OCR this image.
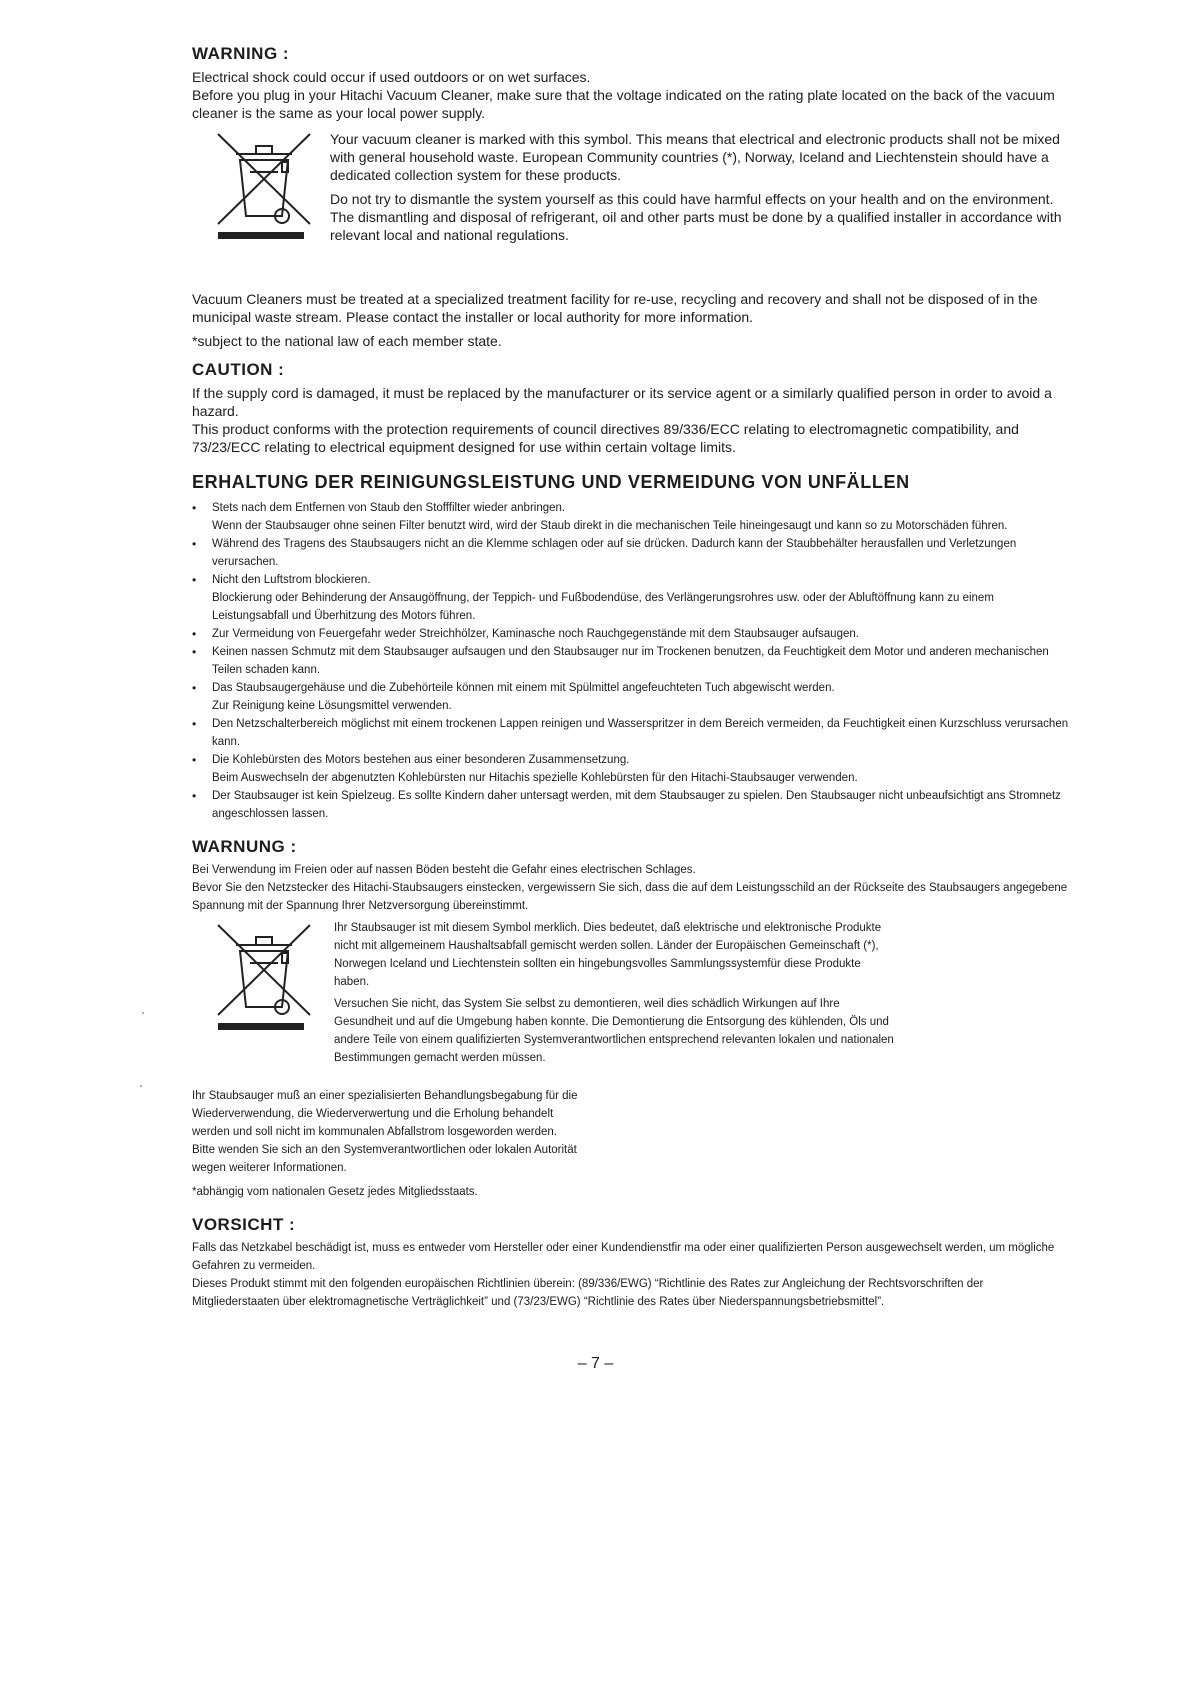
WARNING :

Electrical shock could occur if used outdoors or on wet surfaces.

Before you plug in your Hitachi Vacuum Cleaner, make sure that the voltage indicated on the rating plate located on the back of the vacuum cleaner is the same as your local power supply.

Your vacuum cleaner is marked with this symbol. This means that electrical and electronic products shall not be mixed with general household waste. European Community countries (*), Norway, Iceland and Liechtenstein should have a dedicated collection system for these products.

Do not try to dismantle the system yourself as this could have harmful effects on your health and on the environment. The dismantling and disposal of refrigerant, oil and other parts must be done by a qualified installer in accordance with relevant local and national regulations.

Vacuum Cleaners must be treated at a specialized treatment facility for re-use, recycling and recovery and shall not be disposed of in the municipal waste stream. Please contact the installer or local authority for more information.

*subject to the national law of each member state.

CAUTION :

If the supply cord is damaged, it must be replaced by the manufacturer or its service agent or a similarly qualified person in order to avoid a hazard.

This product conforms with the protection requirements of council directives 89/336/ECC relating to electromagnetic compatibility, and 73/23/ECC relating to electrical equipment designed for use within certain voltage limits.

ERHALTUNG DER REINIGUNGSLEISTUNG UND VERMEIDUNG VON UNFÄLLEN
• Stets nach dem Entfernen von Staub den Stofffilter wieder anbringen.
Wenn der Staubsauger ohne seinen Filter benutzt wird, wird der Staub direkt in die mechanischen Teile hineingesaugt und kann so zu Motorschäden führen.
• Während des Tragens des Staubsaugers nicht an die Klemme schlagen oder auf sie drücken. Dadurch kann der Staubbehälter herausfallen und Verletzungen verursachen.
• Nicht den Luftstrom blockieren.
Blockierung oder Behinderung der Ansaugöffnung, der Teppich- und Fußbodendüse, des Verlängerungsrohres usw. oder der Abluftöffnung kann zu einem Leistungsabfall und Überhitzung des Motors führen.
• Zur Vermeidung von Feuergefahr weder Streichhölzer, Kaminasche noch Rauchgegenstände mit dem Staubsauger aufsaugen.
• Keinen nassen Schmutz mit dem Staubsauger aufsaugen und den Staubsauger nur im Trockenen benutzen, da Feuchtigkeit dem Motor und anderen mechanischen Teilen schaden kann.
• Das Staubsaugergehäuse und die Zubehörteile können mit einem mit Spülmittel angefeuchteten Tuch abgewischt werden.
Zur Reinigung keine Lösungsmittel verwenden.
• Den Netzschalterbereich möglichst mit einem trockenen Lappen reinigen und Wasserspritzer in dem Bereich vermeiden, da Feuchtigkeit einen Kurzschluss verursachen kann.
• Die Kohlebürsten des Motors bestehen aus einer besonderen Zusammensetzung.
Beim Auswechseln der abgenutzten Kohlebürsten nur Hitachis spezielle Kohlebürsten für den Hitachi-Staubsauger verwenden.
• Der Staubsauger ist kein Spielzeug. Es sollte Kindern daher untersagt werden, mit dem Staubsauger zu spielen. Den Staubsauger nicht unbeaufsichtigt ans Stromnetz angeschlossen lassen.
WARNUNG :

Bei Verwendung im Freien oder auf nassen Böden besteht die Gefahr eines electrischen Schlages.

Bevor Sie den Netzstecker des Hitachi-Staubsaugers einstecken, vergewissern Sie sich, dass die auf dem Leistungsschild an der Rückseite des Staubsaugers angegebene Spannung mit der Spannung Ihrer Netzversorgung übereinstimmt.

Ihr Staubsauger ist mit diesem Symbol merklich. Dies bedeutet, daß elektrische und elektronische Produkte nicht mit allgemeinem Haushaltsabfall gemischt werden sollen. Länder der Europäischen Gemeinschaft (*), Norwegen Iceland und Liechtenstein sollten ein hingebungsvolles Sammlungssystemfür diese Produkte haben.

Versuchen Sie nicht, das System Sie selbst zu demontieren, weil dies schädlich Wirkungen auf Ihre Gesundheit und auf die Umgebung haben konnte. Die Demontierung die Entsorgung des kühlenden, Öls und andere Teile von einem qualifizierten Systemverantwortlichen entsprechend relevanten lokalen und nationalen Bestimmungen gemacht werden müssen.

Ihr Staubsauger muß an einer spezialisierten Behandlungsbegabung für die

Wiederverwendung, die Wiederverwertung und die Erholung behandelt

werden und soll nicht im kommunalen Abfallstrom losgeworden werden.

Bitte wenden Sie sich an den Systemverantwortlichen oder lokalen Autorität

wegen weiterer Informationen.

*abhängig vom nationalen Gesetz jedes Mitgliedsstaats.

VORSICHT :

Falls das Netzkabel beschädigt ist, muss es entweder vom Hersteller oder einer Kundendienstfir ma oder einer qualifizierten Person ausgewechselt werden, um mögliche Gefahren zu vermeiden.

Dieses Produkt stimmt mit den folgenden europäischen Richtlinien überein: (89/336/EWG) “Richtlinie des Rates zur Angleichung der Rechtsvorschriften der Mitgliederstaaten über elektromagnetische Verträglichkeit” und (73/23/EWG) “Richtlinie des Rates über Niederspannungsbetriebsmittel”.

– 7 –
